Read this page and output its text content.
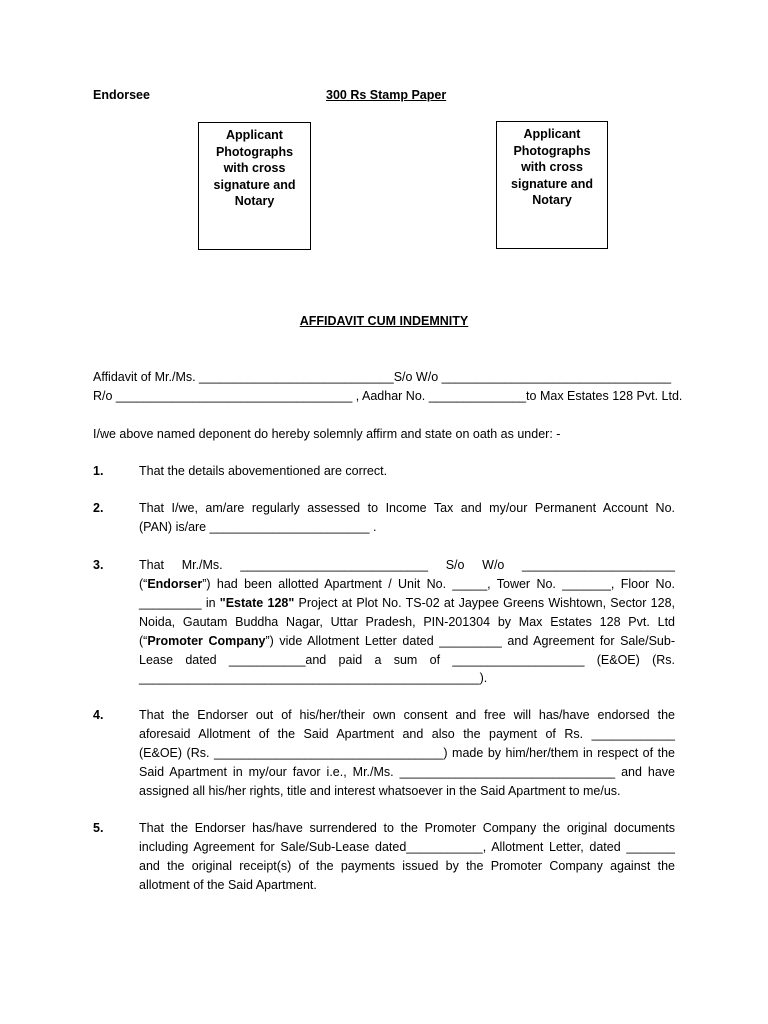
Endorsee	300 Rs Stamp Paper
Applicant
Photographs
with cross
signature and
Notary
Applicant
Photographs
with cross
signature and
Notary
AFFIDAVIT CUM INDEMNITY
Affidavit of Mr./Ms. ____________________________S/o W/o _________________________________
R/o __________________________________ , Aadhar No. ______________to Max Estates 128 Pvt. Ltd.
I/we above named deponent do hereby solemnly affirm and state on oath as under: -
1.	That the details abovementioned are correct.
2.	That I/we, am/are regularly assessed to Income Tax and my/our Permanent Account No.
(PAN) is/are _______________________ .
3.	That Mr./Ms. ___________________________ S/o W/o ______________________
(“Endorser”) had been allotted Apartment / Unit No. _____, Tower No. _______, Floor No.
_________ in "Estate 128" Project at Plot No. TS-02 at Jaypee Greens Wishtown, Sector 128,
Noida, Gautam Buddha Nagar, Uttar Pradesh, PIN-201304 by Max Estates 128 Pvt. Ltd
(“Promoter Company”) vide Allotment Letter dated _________ and Agreement for Sale/Sub-
Lease dated ___________and paid a sum of ___________________ (E&OE) (Rs.
_________________________________________________).
4.	That the Endorser out of his/her/their own consent and free will has/have endorsed the
aforesaid Allotment of the Said Apartment and also the payment of Rs. ____________
(E&OE) (Rs. _________________________________) made by him/her/them in respect of the
Said Apartment in my/our favor i.e., Mr./Ms. _______________________________ and have
assigned all his/her rights, title and interest whatsoever in the Said Apartment to me/us.
5.	That the Endorser has/have surrendered to the Promoter Company the original documents
including Agreement for Sale/Sub-Lease dated___________, Allotment Letter, dated _______
and the original receipt(s) of the payments issued by the Promoter Company against the
allotment of the Said Apartment.
